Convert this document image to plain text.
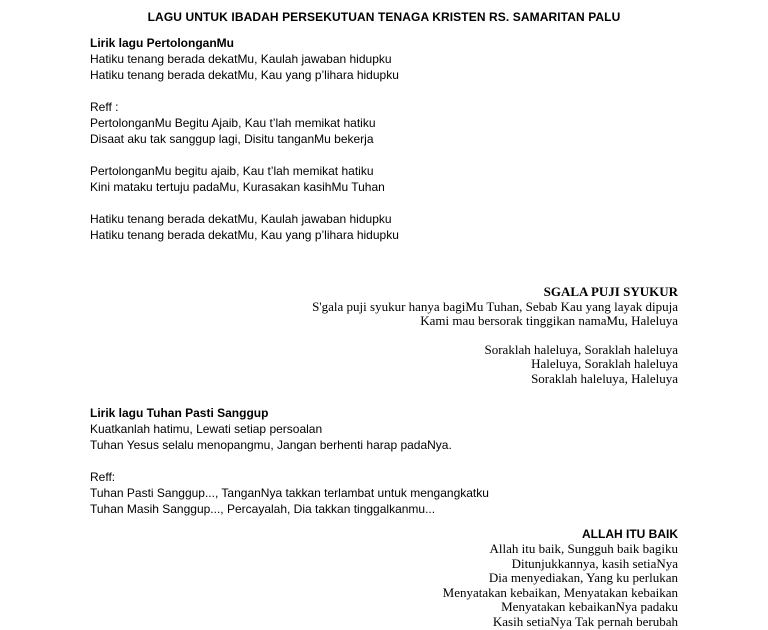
LAGU UNTUK IBADAH PERSEKUTUAN TENAGA KRISTEN RS. SAMARITAN PALU
Lirik lagu PertolonganMu
Hatiku tenang berada dekatMu, Kaulah jawaban hidupku
Hatiku tenang berada dekatMu, Kau yang p’lihara hidupku
Reff :
PertolonganMu Begitu Ajaib, Kau t’lah memikat hatiku
Disaat aku tak sanggup lagi, Disitu tanganMu bekerja
PertolonganMu begitu ajaib, Kau t’lah memikat hatiku
Kini mataku tertuju padaMu, Kurasakan kasihMu Tuhan
Hatiku tenang berada dekatMu, Kaulah jawaban hidupku
Hatiku tenang berada dekatMu, Kau yang p’lihara hidupku
SGALA PUJI SYUKUR
S'gala puji syukur hanya bagiMu Tuhan, Sebab Kau yang layak dipuja
Kami mau bersorak tinggikan namaMu, Haleluya
Soraklah haleluya, Soraklah haleluya
Haleluya, Soraklah haleluya
Soraklah haleluya, Haleluya
Lirik lagu Tuhan Pasti Sanggup
Kuatkanlah hatimu, Lewati setiap persoalan
Tuhan Yesus selalu menopangmu, Jangan berhenti harap padaNya.
Reff:
Tuhan Pasti Sanggup..., TanganNya takkan terlambat untuk mengangkatku
Tuhan Masih Sanggup..., Percayalah, Dia takkan tinggalkanmu...
ALLAH ITU BAIK
Allah itu baik, Sungguh baik bagiku
Ditunjukkannya, kasih setiaNya
Dia menyediakan, Yang ku perlukan
Menyatakan kebaikan, Menyatakan kebaikan
Menyatakan kebaikanNya padaku
Kasih setiaNya Tak pernah berubah
